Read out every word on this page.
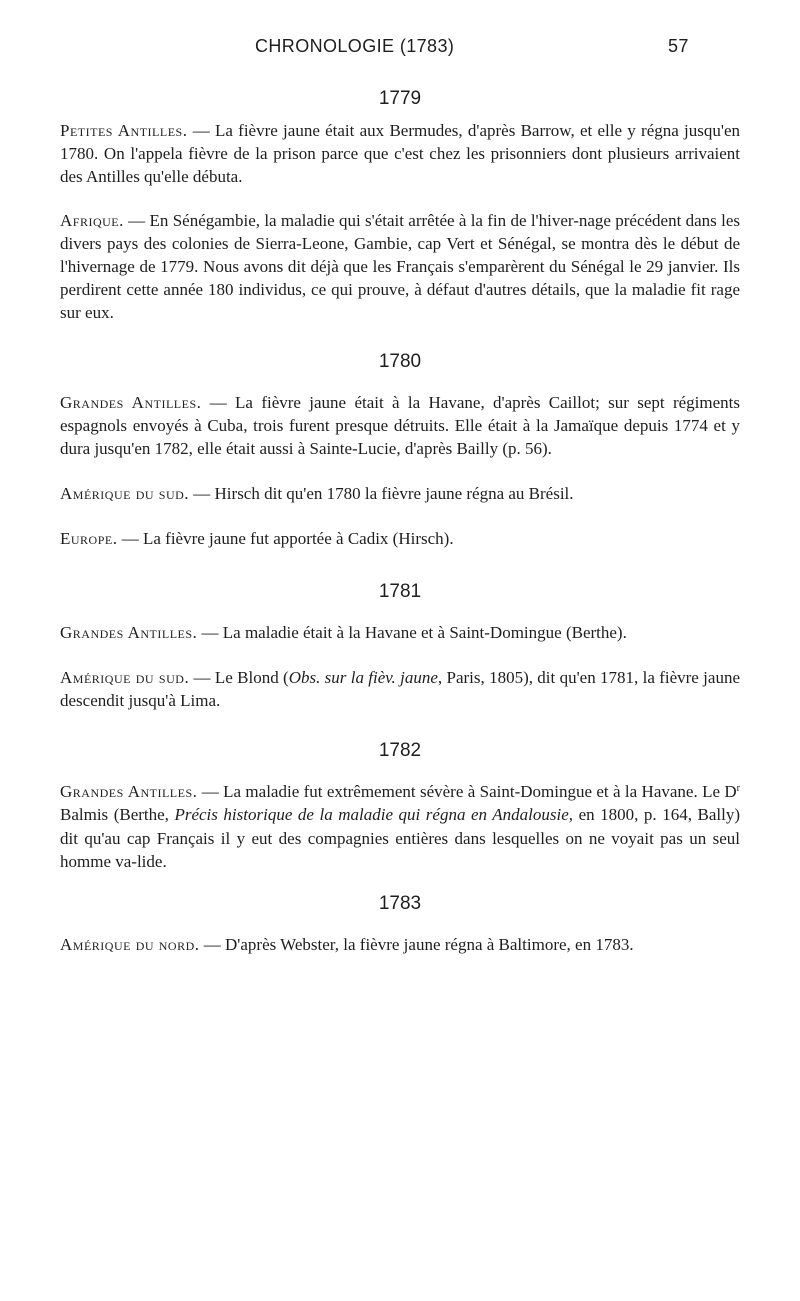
CHRONOLOGIE (1783)	57
1779

Petites Antilles. — La fièvre jaune était aux Bermudes, d'après Barrow, et elle y régna jusqu'en 1780. On l'appela fièvre de la prison parce que c'est chez les prisonniers dont plusieurs arrivaient des Antilles qu'elle débuta.

Afrique. — En Sénégambie, la maladie qui s'était arrêtée à la fin de l'hiver-nage précédent dans les divers pays des colonies de Sierra-Leone, Gambie, cap Vert et Sénégal, se montra dès le début de l'hivernage de 1779. Nous avons dit déjà que les Français s'emparèrent du Sénégal le 29 janvier. Ils perdirent cette année 180 individus, ce qui prouve, à défaut d'autres détails, que la maladie fit rage sur eux.

1780

Grandes Antilles. — La fièvre jaune était à la Havane, d'après Caillot; sur sept régiments espagnols envoyés à Cuba, trois furent presque détruits. Elle était à la Jamaïque depuis 1774 et y dura jusqu'en 1782, elle était aussi à Sainte-Lucie, d'après Bailly (p. 56).

Amérique du sud. — Hirsch dit qu'en 1780 la fièvre jaune régna au Brésil.

Europe. — La fièvre jaune fut apportée à Cadix (Hirsch).

1781

Grandes Antilles. — La maladie était à la Havane et à Saint-Domingue (Berthe).

Amérique du sud. — Le Blond (Obs. sur la fièv. jaune, Paris, 1805), dit qu'en 1781, la fièvre jaune descendit jusqu'à Lima.

1782

Grandes Antilles. — La maladie fut extrêmement sévère à Saint-Domingue et à la Havane. Le $D^r$ Balmis (Berthe, Précis historique de la maladie qui régna en Andalousie, en 1800, p. 164, Bally) dit qu'au cap Français il y eut des compagnies entières dans lesquelles on ne voyait pas un seul homme va-lide.

1783

Amérique du nord. — D'après Webster, la fièvre jaune régna à Baltimore, en 1783.
